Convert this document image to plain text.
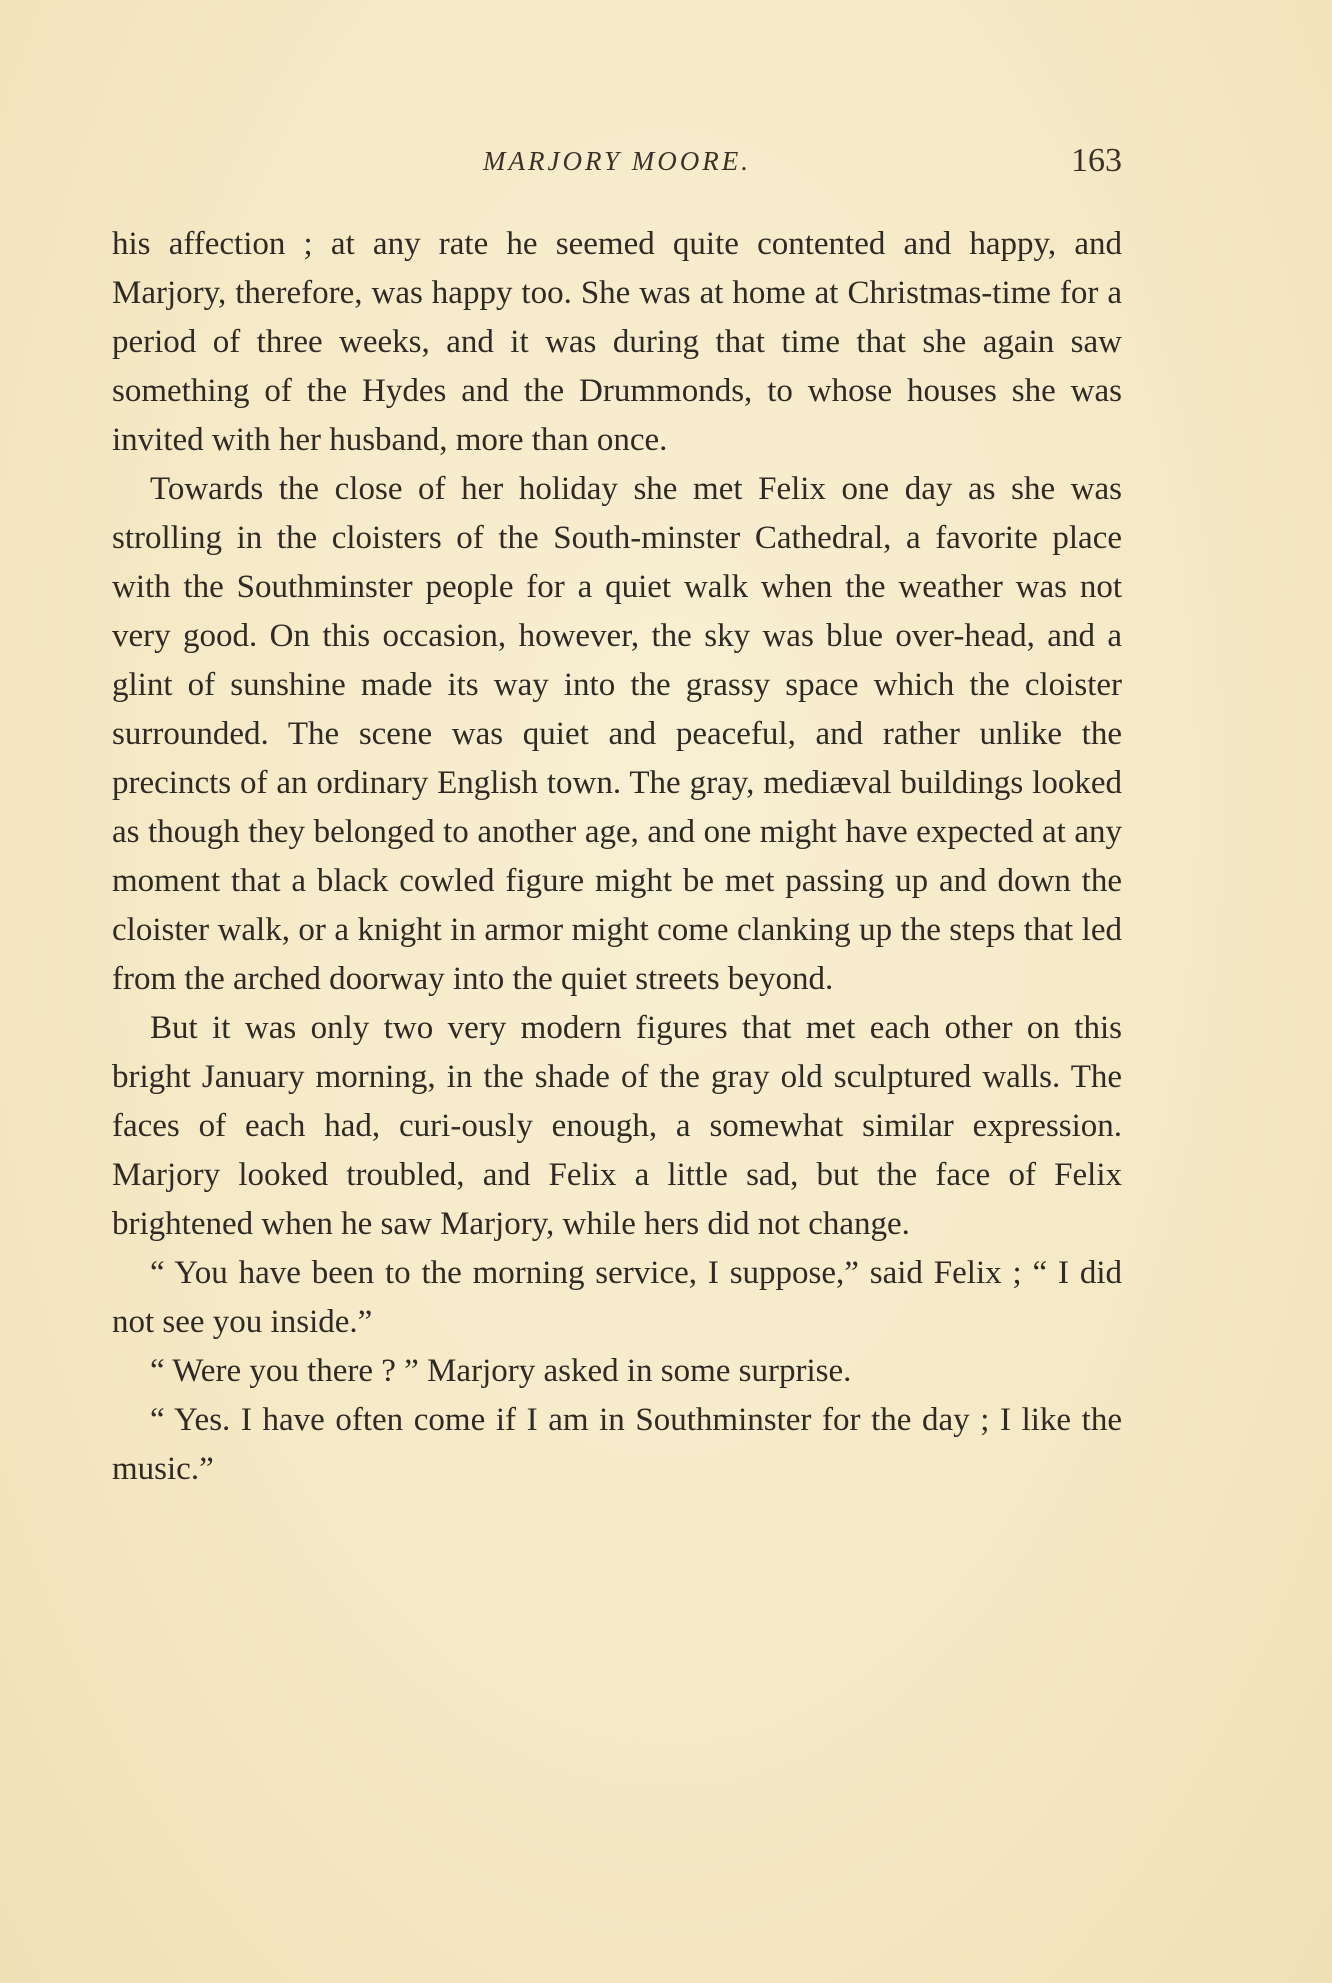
MARJORY MOORE.	163

his affection ; at any rate he seemed quite contented and happy, and Marjory, therefore, was happy too. She was at home at Christmas-time for a period of three weeks, and it was during that time that she again saw something of the Hydes and the Drummonds, to whose houses she was invited with her husband, more than once.

Towards the close of her holiday she met Felix one day as she was strolling in the cloisters of the South-minster Cathedral, a favorite place with the Southminster people for a quiet walk when the weather was not very good. On this occasion, however, the sky was blue over-head, and a glint of sunshine made its way into the grassy space which the cloister surrounded. The scene was quiet and peaceful, and rather unlike the precincts of an ordinary English town. The gray, mediæval buildings looked as though they belonged to another age, and one might have expected at any moment that a black cowled figure might be met passing up and down the cloister walk, or a knight in armor might come clanking up the steps that led from the arched doorway into the quiet streets beyond.

But it was only two very modern figures that met each other on this bright January morning, in the shade of the gray old sculptured walls. The faces of each had, curi-ously enough, a somewhat similar expression. Marjory looked troubled, and Felix a little sad, but the face of Felix brightened when he saw Marjory, while hers did not change.

“ You have been to the morning service, I suppose,” said Felix ; “ I did not see you inside.”

“ Were you there ? ” Marjory asked in some surprise.

“ Yes. I have often come if I am in Southminster for the day ; I like the music.”
